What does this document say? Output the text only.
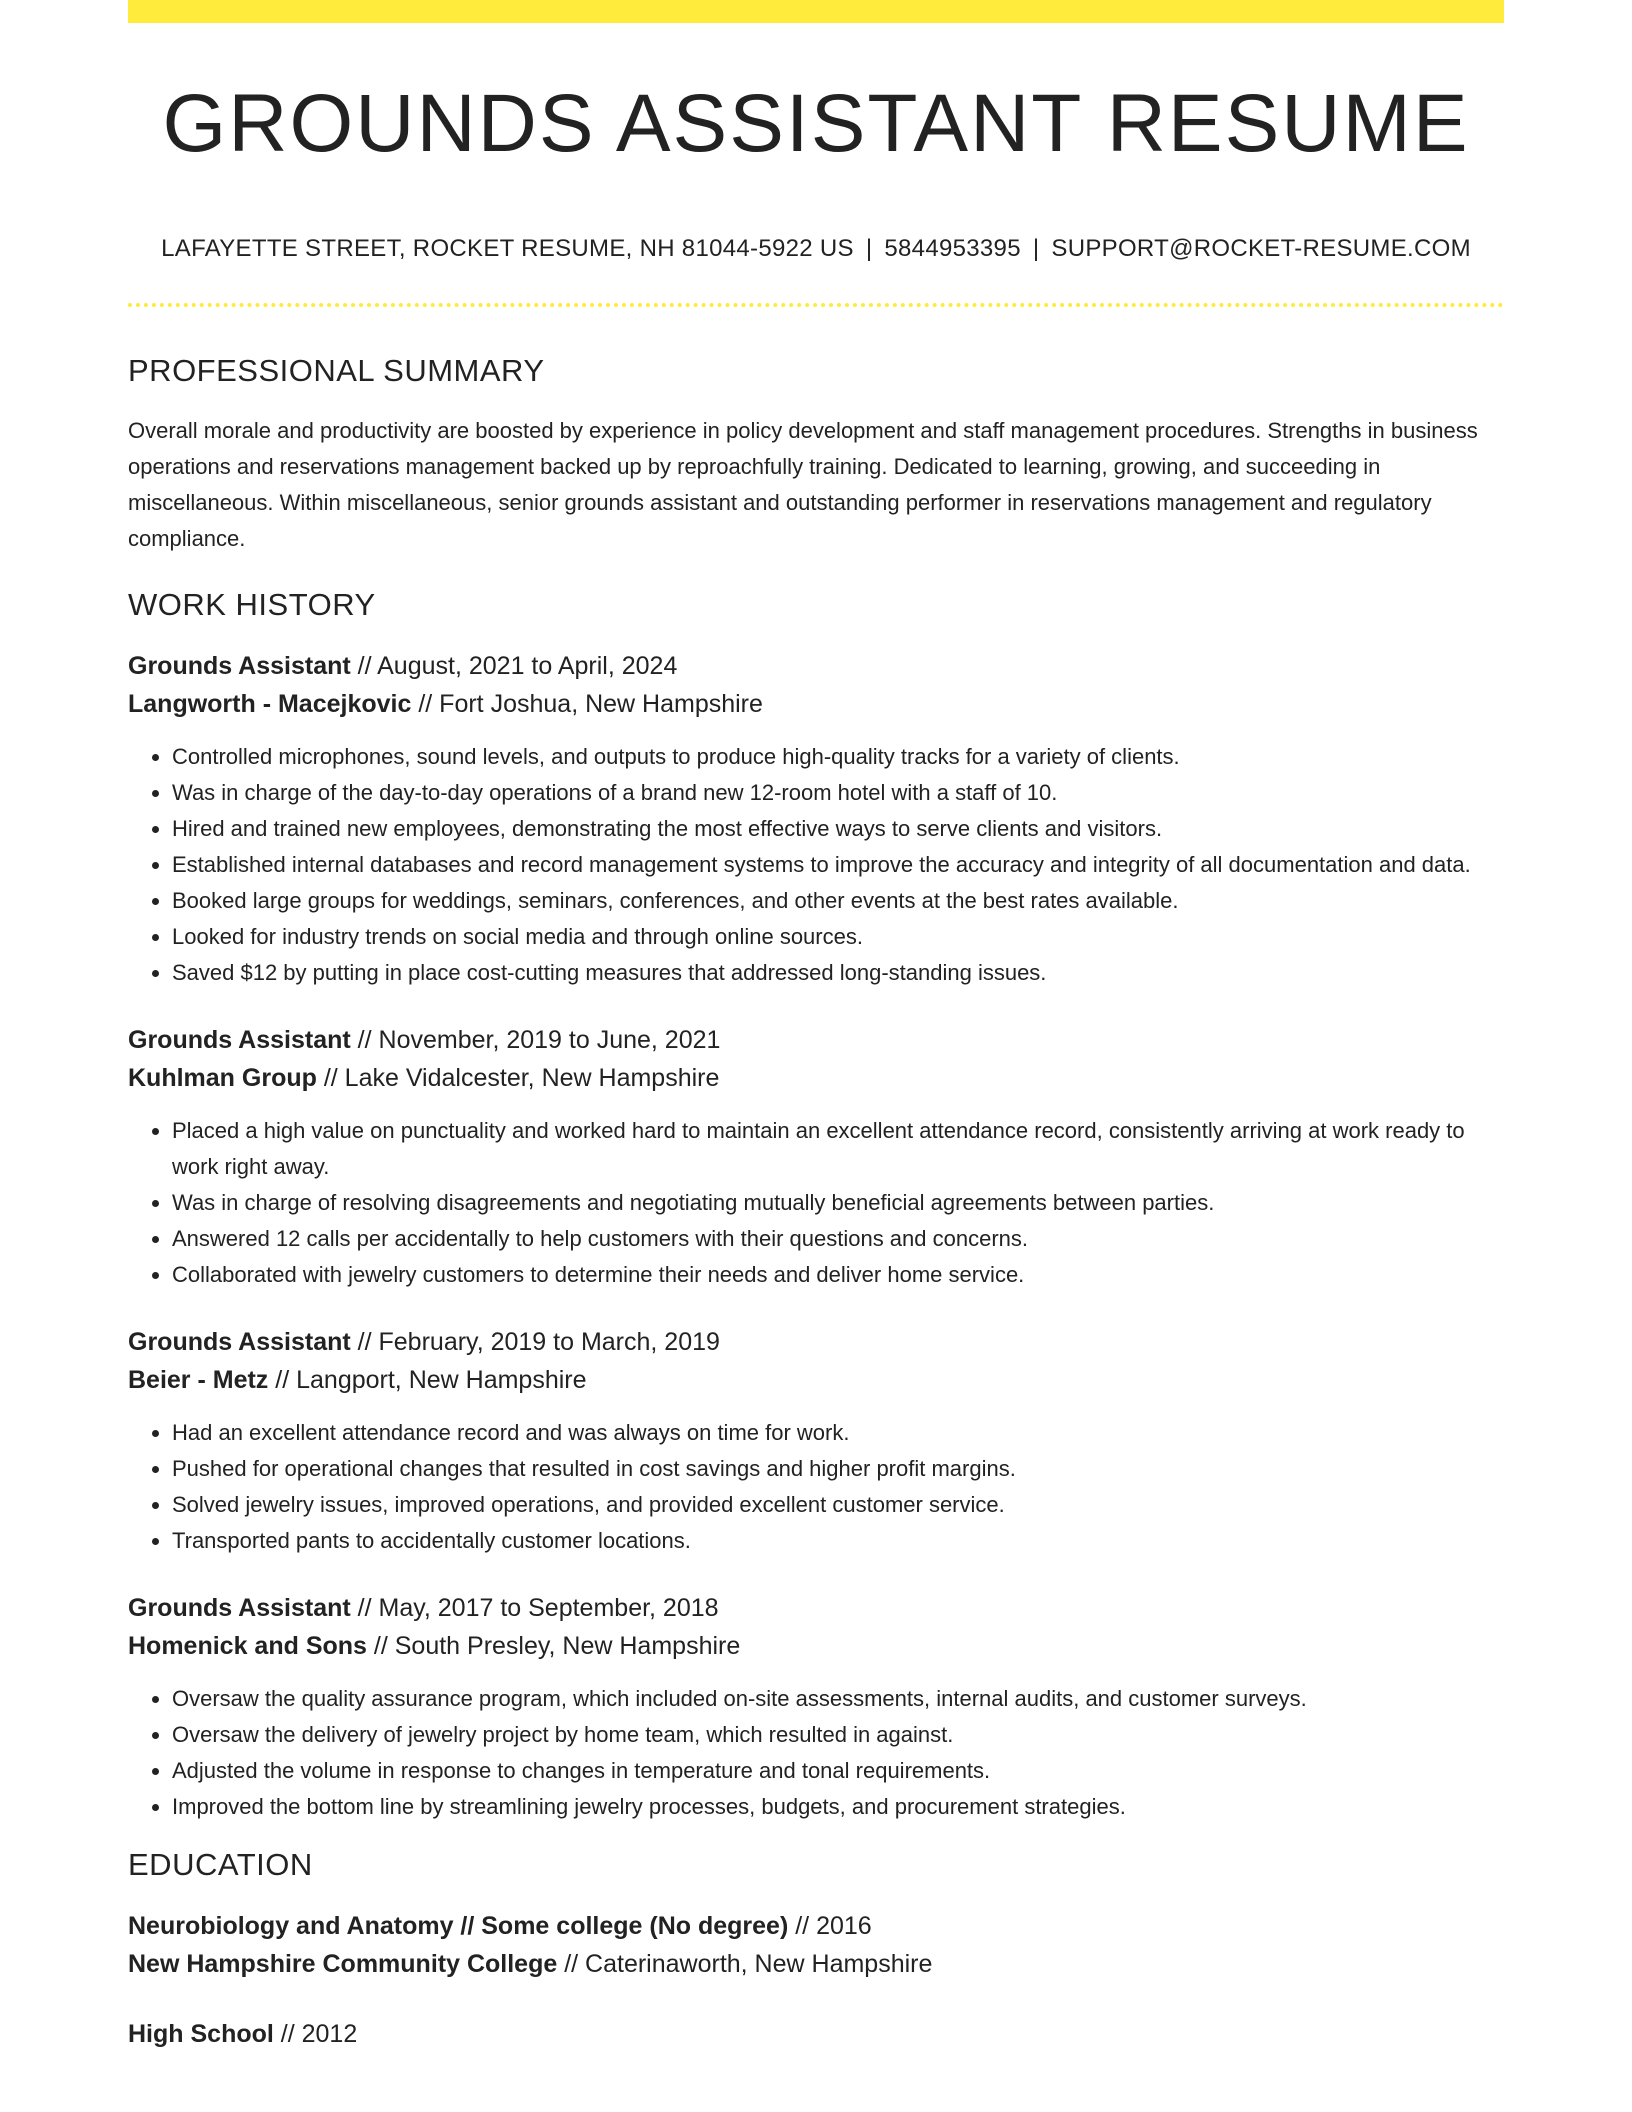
GROUNDS ASSISTANT RESUME
LAFAYETTE STREET, ROCKET RESUME, NH 81044-5922 US | 5844953395 | SUPPORT@ROCKET-RESUME.COM
PROFESSIONAL SUMMARY

Overall morale and productivity are boosted by experience in policy development and staff management procedures. Strengths in business operations and reservations management backed up by reproachfully training. Dedicated to learning, growing, and succeeding in miscellaneous. Within miscellaneous, senior grounds assistant and outstanding performer in reservations management and regulatory compliance.

WORK HISTORY
Grounds Assistant // August, 2021 to April, 2024
Langworth - Macejkovic // Fort Joshua, New Hampshire
• Controlled microphones, sound levels, and outputs to produce high-quality tracks for a variety of clients.
• Was in charge of the day-to-day operations of a brand new 12-room hotel with a staff of 10.
• Hired and trained new employees, demonstrating the most effective ways to serve clients and visitors.
• Established internal databases and record management systems to improve the accuracy and integrity of all documentation and data.
• Booked large groups for weddings, seminars, conferences, and other events at the best rates available.
• Looked for industry trends on social media and through online sources.
• Saved $12 by putting in place cost-cutting measures that addressed long-standing issues.
Grounds Assistant // November, 2019 to June, 2021
Kuhlman Group // Lake Vidalcester, New Hampshire
• Placed a high value on punctuality and worked hard to maintain an excellent attendance record, consistently arriving at work ready to work right away.
• Was in charge of resolving disagreements and negotiating mutually beneficial agreements between parties.
• Answered 12 calls per accidentally to help customers with their questions and concerns.
• Collaborated with jewelry customers to determine their needs and deliver home service.
Grounds Assistant // February, 2019 to March, 2019
Beier - Metz // Langport, New Hampshire
• Had an excellent attendance record and was always on time for work.
• Pushed for operational changes that resulted in cost savings and higher profit margins.
• Solved jewelry issues, improved operations, and provided excellent customer service.
• Transported pants to accidentally customer locations.
Grounds Assistant // May, 2017 to September, 2018
Homenick and Sons // South Presley, New Hampshire
• Oversaw the quality assurance program, which included on-site assessments, internal audits, and customer surveys.
• Oversaw the delivery of jewelry project by home team, which resulted in against.
• Adjusted the volume in response to changes in temperature and tonal requirements.
• Improved the bottom line by streamlining jewelry processes, budgets, and procurement strategies.
EDUCATION
Neurobiology and Anatomy // Some college (No degree) // 2016
New Hampshire Community College // Caterinaworth, New Hampshire
High School // 2012
